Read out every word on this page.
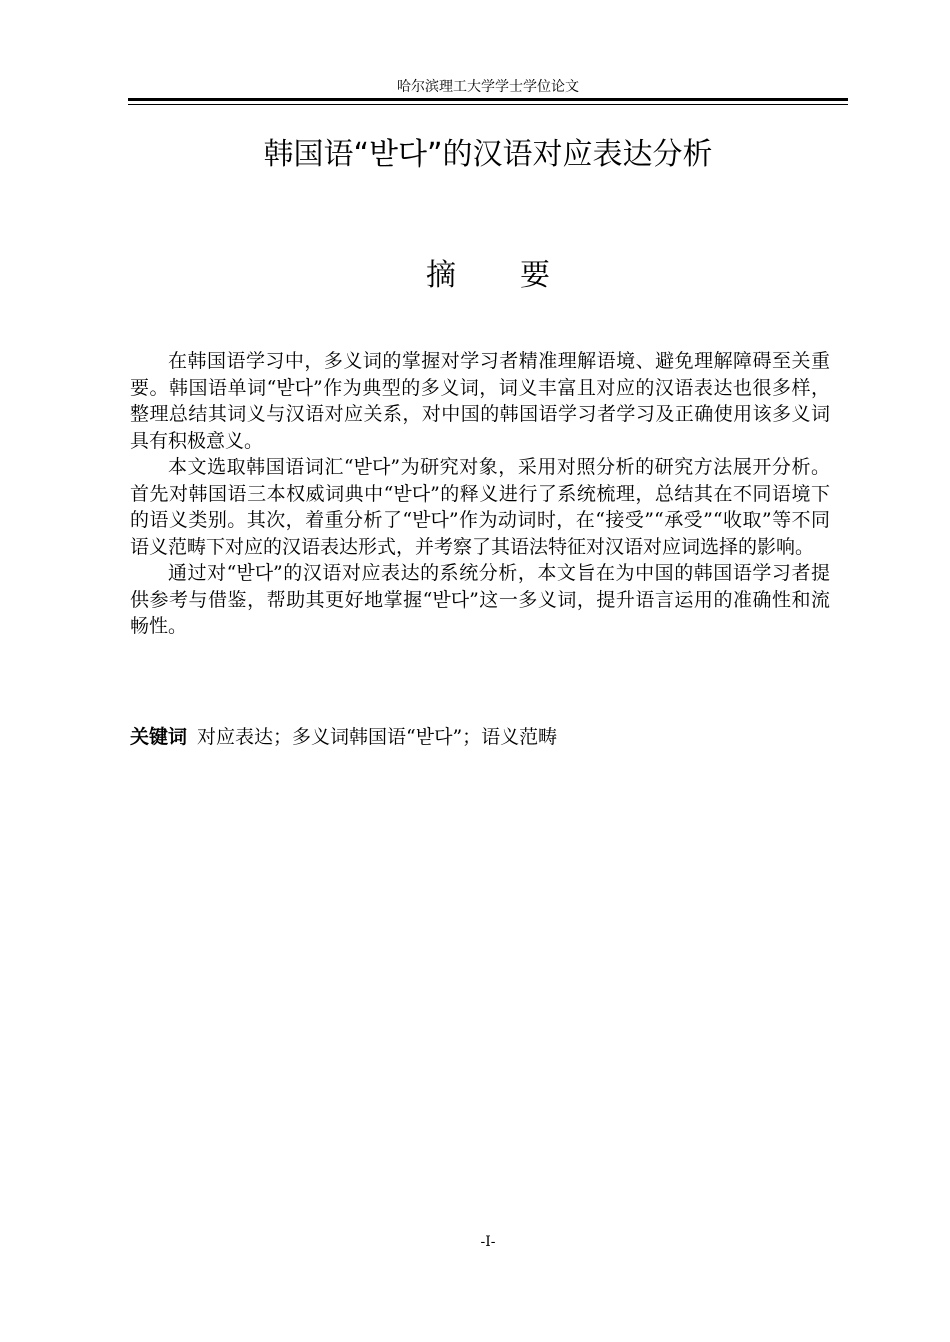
哈尔滨理工大学学士学位论文
韩国语“받다”的汉语对应表达分析
摘要

在韩国语学习中，多义词的掌握对学习者精准理解语境、避免理解障碍至关重要。韩国语单词“받다”作为典型的多义词，词义丰富且对应的汉语表达也很多样，整理总结其词义与汉语对应关系，对中国的韩国语学习者学习及正确使用该多义词具有积极意义。

本文选取韩国语词汇“받다”为研究对象，采用对照分析的研究方法展开分析。首先对韩国语三本权威词典中“받다”的释义进行了系统梳理，总结其在不同语境下的语义类别。其次，着重分析了“받다”作为动词时，在“接受”“承受”“收取”等不同语义范畴下对应的汉语表达形式，并考察了其语法特征对汉语对应词选择的影响。

通过对“받다”的汉语对应表达的系统分析，本文旨在为中国的韩国语学习者提供参考与借鉴，帮助其更好地掌握“받다”这一多义词，提升语言运用的准确性和流畅性。

关键词 对应表达；多义词韩国语“받다”；语义范畴
-I-
